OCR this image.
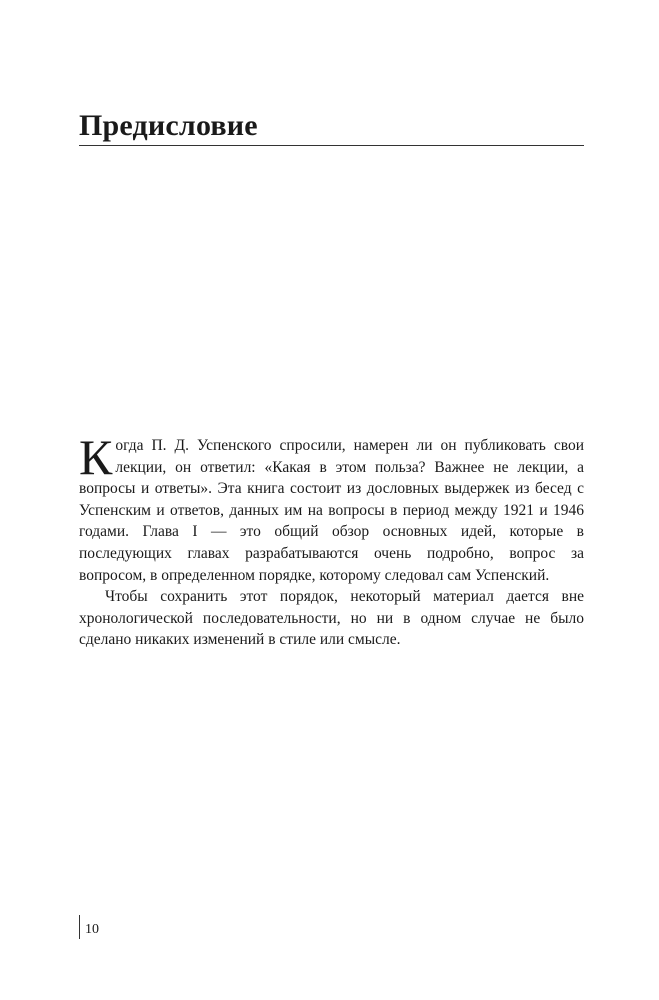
Предисловие

Когда П. Д. Успенского спросили, намерен ли он публиковать свои лекции, он ответил: «Какая в этом польза? Важнее не лекции, а вопросы и ответы». Эта книга состоит из дословных выдержек из бесед с Успенским и ответов, данных им на вопросы в период между 1921 и 1946 годами. Глава I — это общий обзор основных идей, которые в последующих главах разрабатываются очень подробно, вопрос за вопросом, в определенном порядке, которому следовал сам Успенский.

Чтобы сохранить этот порядок, некоторый материал дается вне хронологической последовательности, но ни в одном случае не было сделано никаких изменений в стиле или смысле.

10
